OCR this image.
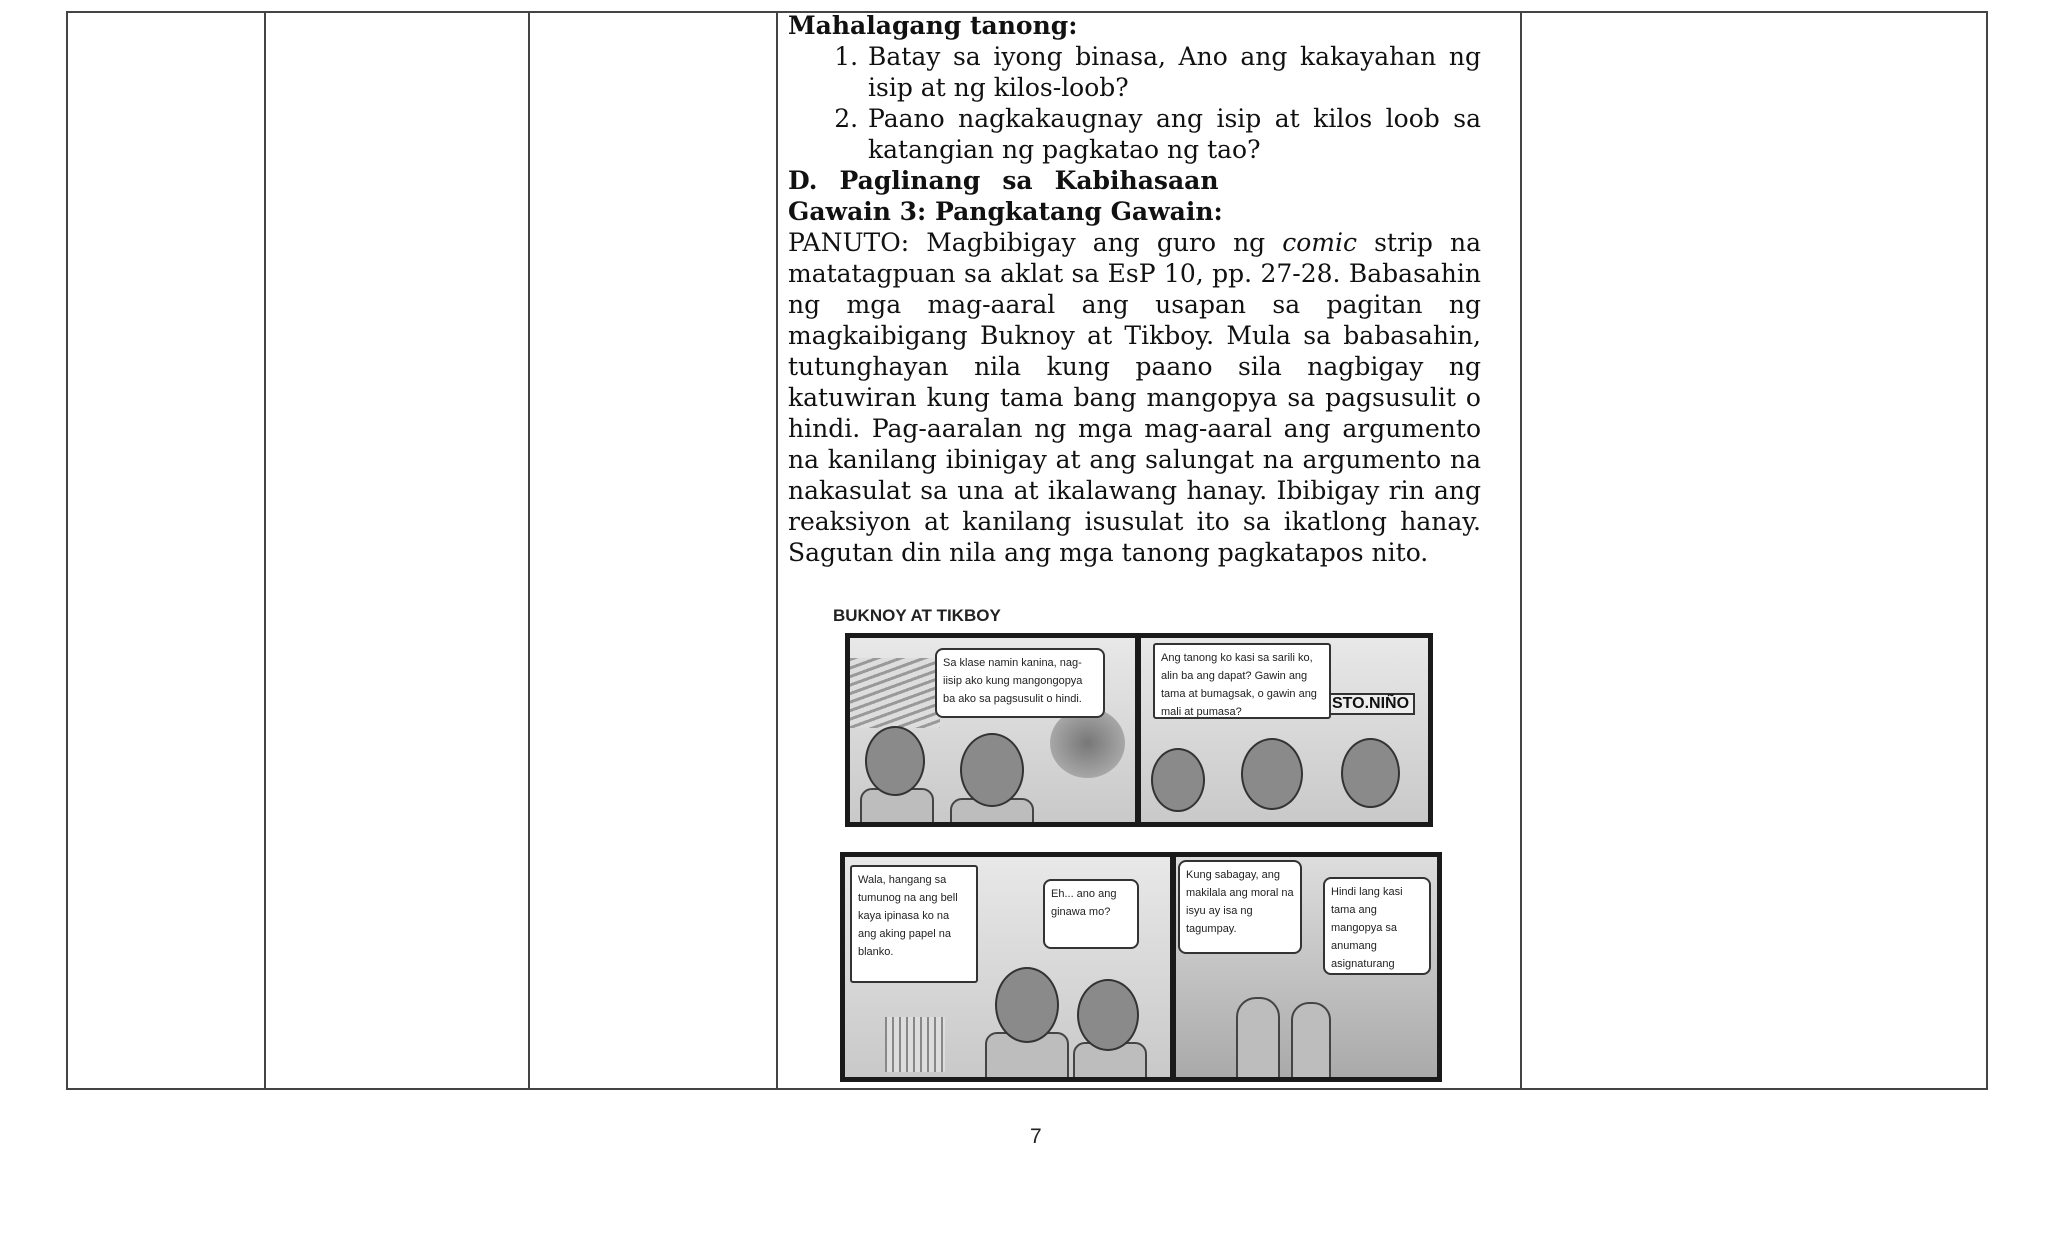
Mahalagang tanong:
1. Batay sa iyong binasa, Ano ang kakayahan ng isip at ng kilos-loob?
2. Paano nagkakaugnay ang isip at kilos loob sa katangian ng pagkatao ng tao?
D. Paglinang sa Kabihasaan
Gawain 3: Pangkatang Gawain:
PANUTO: Magbibigay ang guro ng comic strip na matatagpuan sa aklat sa EsP 10, pp. 27-28. Babasahin ng mga mag-aaral ang usapan sa pagitan ng magkaibigang Buknoy at Tikboy. Mula sa babasahin, tutunghayan nila kung paano sila nagbigay ng katuwiran kung tama bang mangopya sa pagsusulit o hindi. Pag-aaralan ng mga mag-aaral ang argumento na kanilang ibinigay at ang salungat na argumento na nakasulat sa una at ikalawang hanay. Ibibigay rin ang reaksiyon at kanilang isusulat ito sa ikatlong hanay. Sagutan din nila ang mga tanong pagkatapos nito.
BUKNOY AT TIKBOY
Sa klase namin kanina, nag-iisip ako kung mangongopya ba ako sa pagsusulit o hindi.	STO.NIÑO
Ang tanong ko kasi sa sarili ko, alin ba ang dapat? Gawin ang tama at bumagsak, o gawin ang mali at pumasa?
Wala, hangang sa tumunog na ang bell kaya ipinasa ko na ang aking papel na blanko.
Eh... ano ang ginawa mo?
Kung sabagay, ang makilala ang moral na isyu ay isa ng tagumpay.
Hindi lang kasi tama ang mangopya sa anumang asignaturang
7
